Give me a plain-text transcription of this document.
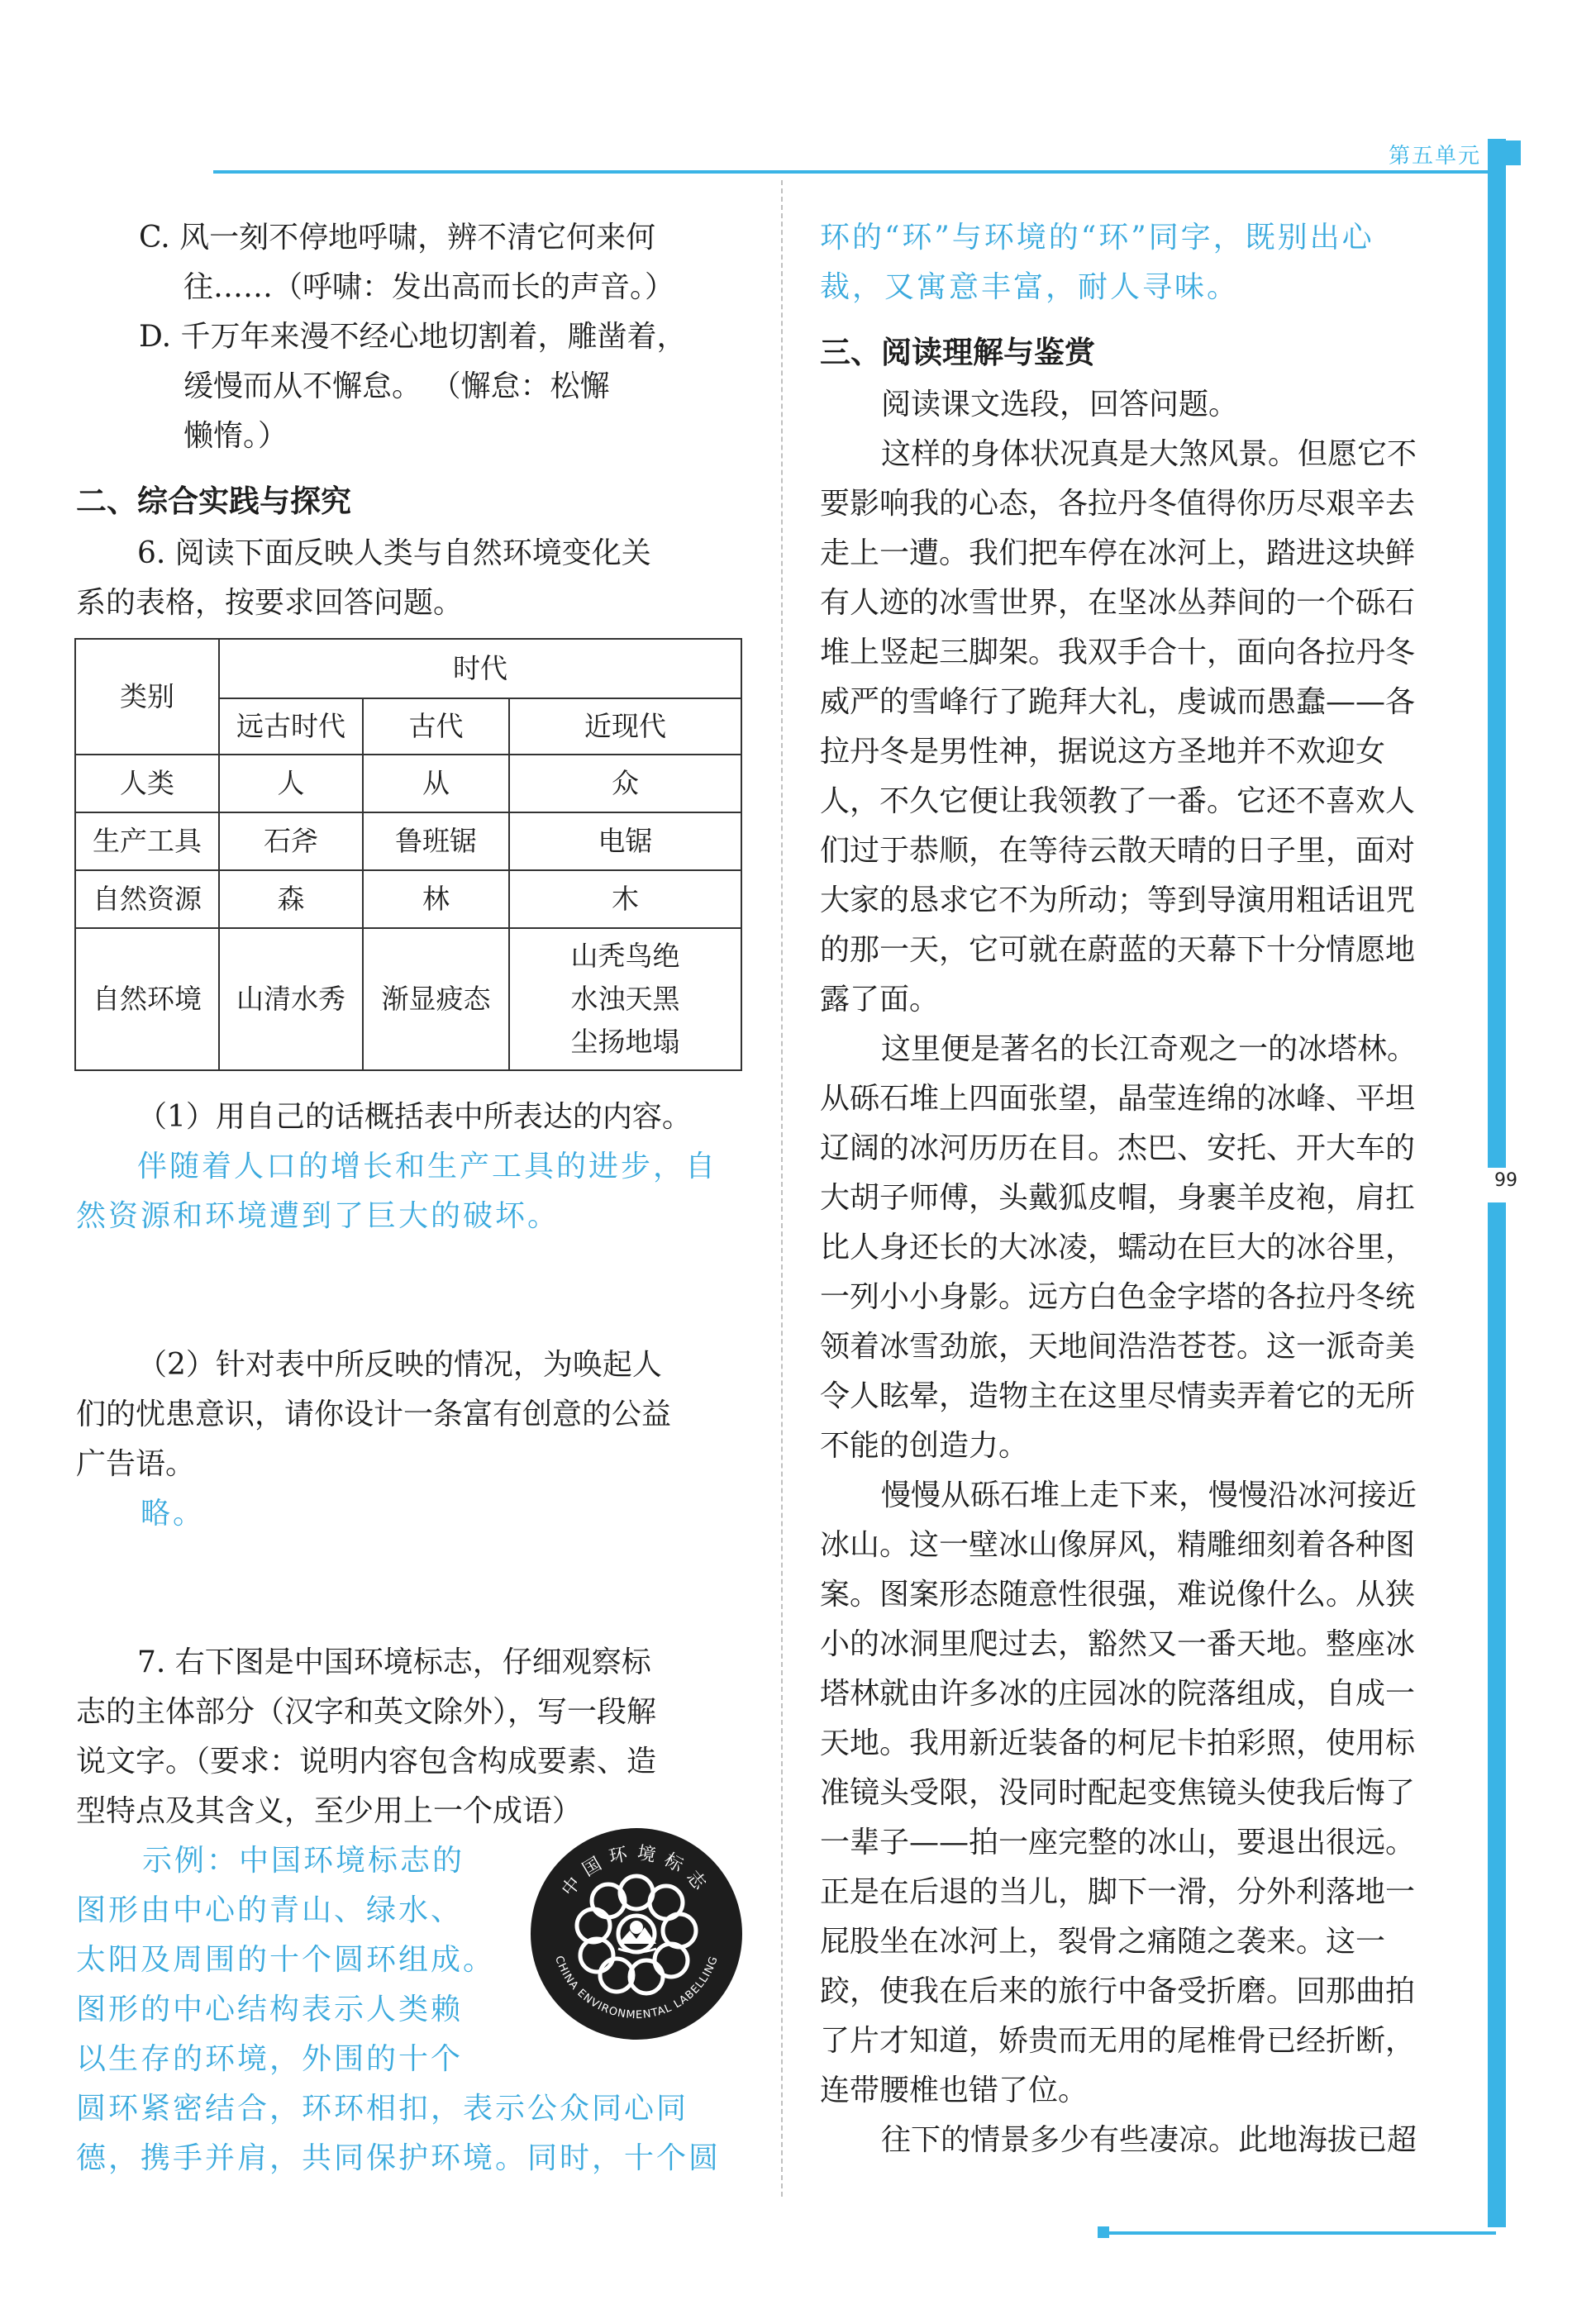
第五单元
99
C. 风一刻不停地呼啸，辨不清它何来何
往……（呼啸：发出高而长的声音。）
D. 千万年来漫不经心地切割着，雕凿着，
缓慢而从不懈怠。 （懈怠：松懈
懒惰。）
二、综合实践与探究
6. 阅读下面反映人类与自然环境变化关
系的表格，按要求回答问题。
类别	时代		
	远古时代	古代	近现代
人类	人	从	众
生产工具	石斧	鲁班锯	电锯
自然资源	森	林	木
自然环境	山清水秀	渐显疲态	山秃鸟绝
水浊天黑
尘扬地塌
（1）用自己的话概括表中所表达的内容。
伴随着人口的增长和生产工具的进步，自
然资源和环境遭到了巨大的破坏。
（2）针对表中所反映的情况，为唤起人
们的忧患意识，请你设计一条富有创意的公益
广告语。
略。
7. 右下图是中国环境标志，仔细观察标
志的主体部分（汉字和英文除外），写一段解
说文字。（要求：说明内容包含构成要素、造
型特点及其含义，至少用上一个成语）
示例：中国环境标志的
图形由中心的青山、绿水、
太阳及周围的十个圆环组成。
图形的中心结构表示人类赖
以生存的环境，外围的十个
圆环紧密结合，环环相扣，表示公众同心同
德，携手并肩，共同保护环境。同时，十个圆
中国环境标志
CHINA ENVIRONMENTAL LABELLING
环的“环”与环境的“环”同字，既别出心
裁，又寓意丰富，耐人寻味。
三、阅读理解与鉴赏
阅读课文选段，回答问题。
这样的身体状况真是大煞风景。但愿它不
要影响我的心态，各拉丹冬值得你历尽艰辛去
走上一遭。我们把车停在冰河上，踏进这块鲜
有人迹的冰雪世界，在坚冰丛莽间的一个砾石
堆上竖起三脚架。我双手合十，面向各拉丹冬
威严的雪峰行了跪拜大礼，虔诚而愚蠢——各
拉丹冬是男性神，据说这方圣地并不欢迎女
人，不久它便让我领教了一番。它还不喜欢人
们过于恭顺，在等待云散天晴的日子里，面对
大家的恳求它不为所动；等到导演用粗话诅咒
的那一天，它可就在蔚蓝的天幕下十分情愿地
露了面。
这里便是著名的长江奇观之一的冰塔林。
从砾石堆上四面张望，晶莹连绵的冰峰、平坦
辽阔的冰河历历在目。杰巴、安托、开大车的
大胡子师傅，头戴狐皮帽，身裹羊皮袍，肩扛
比人身还长的大冰凌，蠕动在巨大的冰谷里，
一列小小身影。远方白色金字塔的各拉丹冬统
领着冰雪劲旅，天地间浩浩苍苍。这一派奇美
令人眩晕，造物主在这里尽情卖弄着它的无所
不能的创造力。
慢慢从砾石堆上走下来，慢慢沿冰河接近
冰山。这一壁冰山像屏风，精雕细刻着各种图
案。图案形态随意性很强，难说像什么。从狭
小的冰洞里爬过去，豁然又一番天地。整座冰
塔林就由许多冰的庄园冰的院落组成，自成一
天地。我用新近装备的柯尼卡拍彩照，使用标
准镜头受限，没同时配起变焦镜头使我后悔了
一辈子——拍一座完整的冰山，要退出很远。
正是在后退的当儿，脚下一滑，分外利落地一
屁股坐在冰河上，裂骨之痛随之袭来。这一
跤，使我在后来的旅行中备受折磨。回那曲拍
了片才知道，娇贵而无用的尾椎骨已经折断，
连带腰椎也错了位。
往下的情景多少有些凄凉。此地海拔已超
